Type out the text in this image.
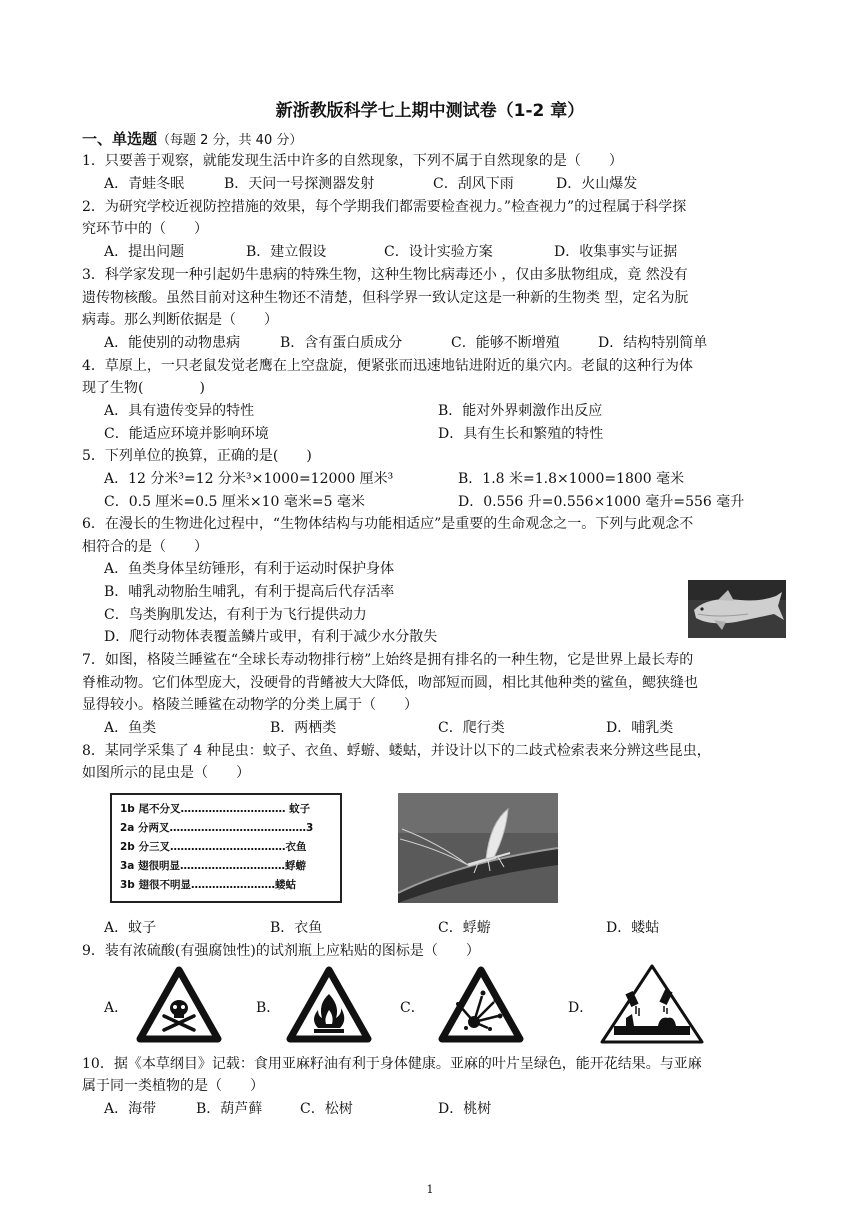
新浙教版科学七上期中测试卷（1-2 章）
一、单选题（每题 2 分，共 40 分）
1．只要善于观察，就能发现生活中许多的自然现象，下列不属于自然现象的是（　　）
A．青蛙冬眠	B．天问一号探测器发射	C．刮风下雨	D．火山爆发
2．为研究学校近视防控措施的效果，每个学期我们都需要检查视力。”检查视力”的过程属于科学探
究环节中的（　　）
A．提出问题	B．建立假设	C．设计实验方案	D．收集事实与证据
3．科学家发现一种引起奶牛患病的特殊生物，这种生物比病毒还小 ，仅由多肽物组成，竟 然没有
遗传物核酸。虽然目前对这种生物还不清楚，但科学界一致认定这是一种新的生物类 型，定名为朊
病毒。那么判断依据是（　　）
A．能使别的动物患病	B．含有蛋白质成分	C．能够不断增殖	D．结构特别简单
4．草原上，一只老鼠发觉老鹰在上空盘旋，便紧张而迅速地钻进附近的巢穴内。老鼠的这种行为体
现了生物(　　　　)
A．具有遗传变异的特性	B．能对外界刺激作出反应
C．能适应环境并影响环境	D．具有生长和繁殖的特性
5．下列单位的换算，正确的是(　　)
A．12 分米³=12 分米³×1000=12000 厘米³	B．1.8 米=1.8×1000=1800 毫米
C．0.5 厘米=0.5 厘米×10 毫米=5 毫米	D．0.556 升=0.556×1000 毫升=556 毫升
6．在漫长的生物进化过程中，“生物体结构与功能相适应”是重要的生命观念之一。下列与此观念不
相符合的是（　　）
A．鱼类身体呈纺锤形，有利于运动时保护身体
B．哺乳动物胎生哺乳，有利于提高后代存活率
C．鸟类胸肌发达，有利于为飞行提供动力
D．爬行动物体表覆盖鳞片或甲，有利于减少水分散失
7．如图，格陵兰睡鲨在“全球长寿动物排行榜”上始终是拥有排名的一种生物，它是世界上最长寿的
脊椎动物。它们体型庞大，没硬骨的背鳍被大大降低，吻部短而圆，相比其他种类的鲨鱼，鳃狭缝也
显得较小。格陵兰睡鲨在动物学的分类上属于（　　）
A．鱼类	B．两栖类	C．爬行类	D．哺乳类
8．某同学采集了 4 种昆虫：蚊子、衣鱼、蜉蝣、蝼蛄，并设计以下的二歧式检索表来分辨这些昆虫，
如图所示的昆虫是（　　）
1b 尾不分叉………………………… 蚊子
2a 分两叉…………………………………3
2b 分三叉……………………………衣鱼
3a 翅很明显…………………………蜉蝣
3b 翅很不明显……………………蝼蛄
A．蚊子	B．衣鱼	C．蜉蝣	D．蝼蛄
9．装有浓硫酸(有强腐蚀性)的试剂瓶上应粘贴的图标是（　　）
A．	B．	C．	D．
10．据《本草纲目》记载：食用亚麻籽油有利于身体健康。亚麻的叶片呈绿色，能开花结果。与亚麻
属于同一类植物的是（　　）
A．海带	B．葫芦藓	C．松树	D．桃树
1
